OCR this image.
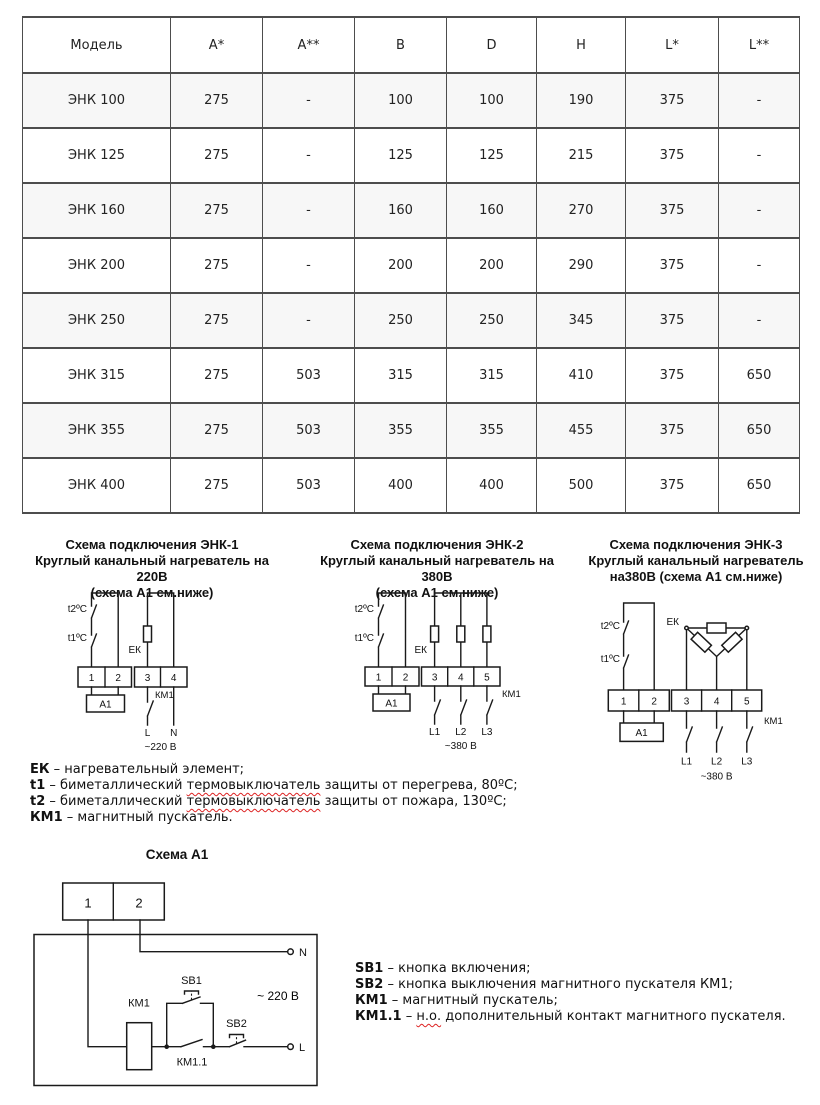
Модель	A*	A**	B	D	H	L*	L**
ЭНК 100	275	-	100	100	190	375	-
ЭНК 125	275	-	125	125	215	375	-
ЭНК 160	275	-	160	160	270	375	-
ЭНК 200	275	-	200	200	290	375	-
ЭНК 250	275	-	250	250	345	375	-
ЭНК 315	275	503	315	315	410	375	650
ЭНК 355	275	503	355	355	455	375	650
ЭНК 400	275	503	400	400	500	375	650
Схема подключения ЭНК-1
Круглый канальный нагреватель на 220В
(схема А1 см.ниже)
Схема подключения ЭНК-2
Круглый канальный нагреватель на 380В
(схема А1 см.ниже)
Схема подключения ЭНК-3
Круглый канальный нагреватель
на380В (схема А1 см.ниже)
1 2 3 4
А1
t2ºC
t1ºC
ЕК
КМ1
L N
~220 В
1 2 3 4 5
А1
t2ºC
t1ºC
ЕК
КМ1
L1 L2 L3
~380 В
1	2	3 4 5
А1
t2ºC
t1ºC
ЕК
КМ1
L1 L2 L3
~380 В
ЕК – нагревательный элемент;
t1 – биметаллический термовыключатель защиты от перегрева, 80ºС;
t2 – биметаллический термовыключатель защиты от пожара, 130ºС;
КМ1 – магнитный пускатель.
Схема А1
1	2
N
КМ1
КМ1.1
SB1
SB2
L
~ 220 В
SB1 – кнопка включения;
SB2 – кнопка выключения магнитного пускателя КМ1;
КМ1 – магнитный пускатель;
КМ1.1 – н.о. дополнительный контакт магнитного пускателя.
